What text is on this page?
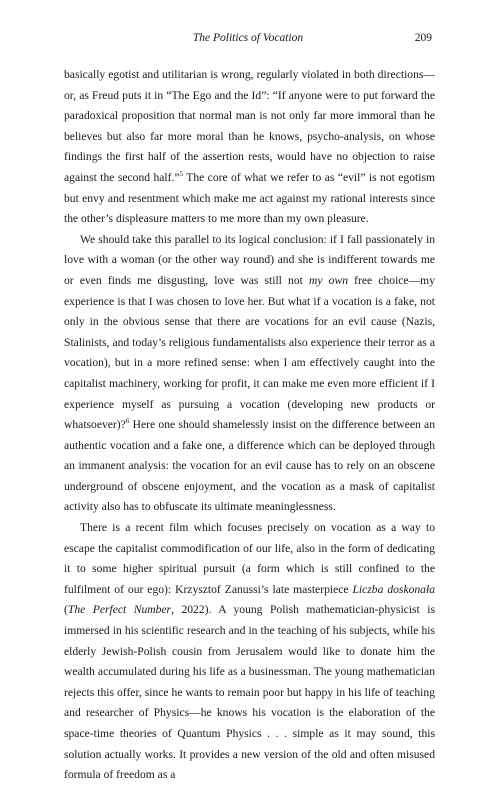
The Politics of Vocation	209

basically egotist and utilitarian is wrong, regularly violated in both directions—or, as Freud puts it in “The Ego and the Id”: “If anyone were to put forward the paradoxical proposition that normal man is not only far more immoral than he believes but also far more moral than he knows, psycho-analysis, on whose findings the first half of the assertion rests, would have no objection to raise against the second half.”$^5$ The core of what we refer to as “evil” is not egotism but envy and resentment which make me act against my rational interests since the other’s displeasure matters to me more than my own pleasure.

We should take this parallel to its logical conclusion: if I fall passionately in love with a woman (or the other way round) and she is indifferent towards me or even finds me disgusting, love was still not my own free choice—my experience is that I was chosen to love her. But what if a vocation is a fake, not only in the obvious sense that there are vocations for an evil cause (Nazis, Stalinists, and today’s religious fundamentalists also experience their terror as a vocation), but in a more refined sense: when I am effectively caught into the capitalist machinery, working for profit, it can make me even more efficient if I experience myself as pursuing a vocation (developing new products or whatsoever)?$^6$ Here one should shamelessly insist on the difference between an authentic vocation and a fake one, a difference which can be deployed through an immanent analysis: the vocation for an evil cause has to rely on an obscene underground of obscene enjoyment, and the vocation as a mask of capitalist activity also has to obfuscate its ultimate meaninglessness.

There is a recent film which focuses precisely on vocation as a way to escape the capitalist commodification of our life, also in the form of dedicating it to some higher spiritual pursuit (a form which is still confined to the fulfilment of our ego): Krzysztof Zanussi’s late masterpiece Liczba doskonała (The Perfect Number, 2022). A young Polish mathematician-physicist is immersed in his scientific research and in the teaching of his subjects, while his elderly Jewish-Polish cousin from Jerusalem would like to donate him the wealth accumulated during his life as a businessman. The young mathematician rejects this offer, since he wants to remain poor but happy in his life of teaching and researcher of Physics—he knows his vocation is the elaboration of the space-time theories of Quantum Physics . . . simple as it may sound, this solution actually works. It provides a new version of the old and often misused formula of freedom as a
